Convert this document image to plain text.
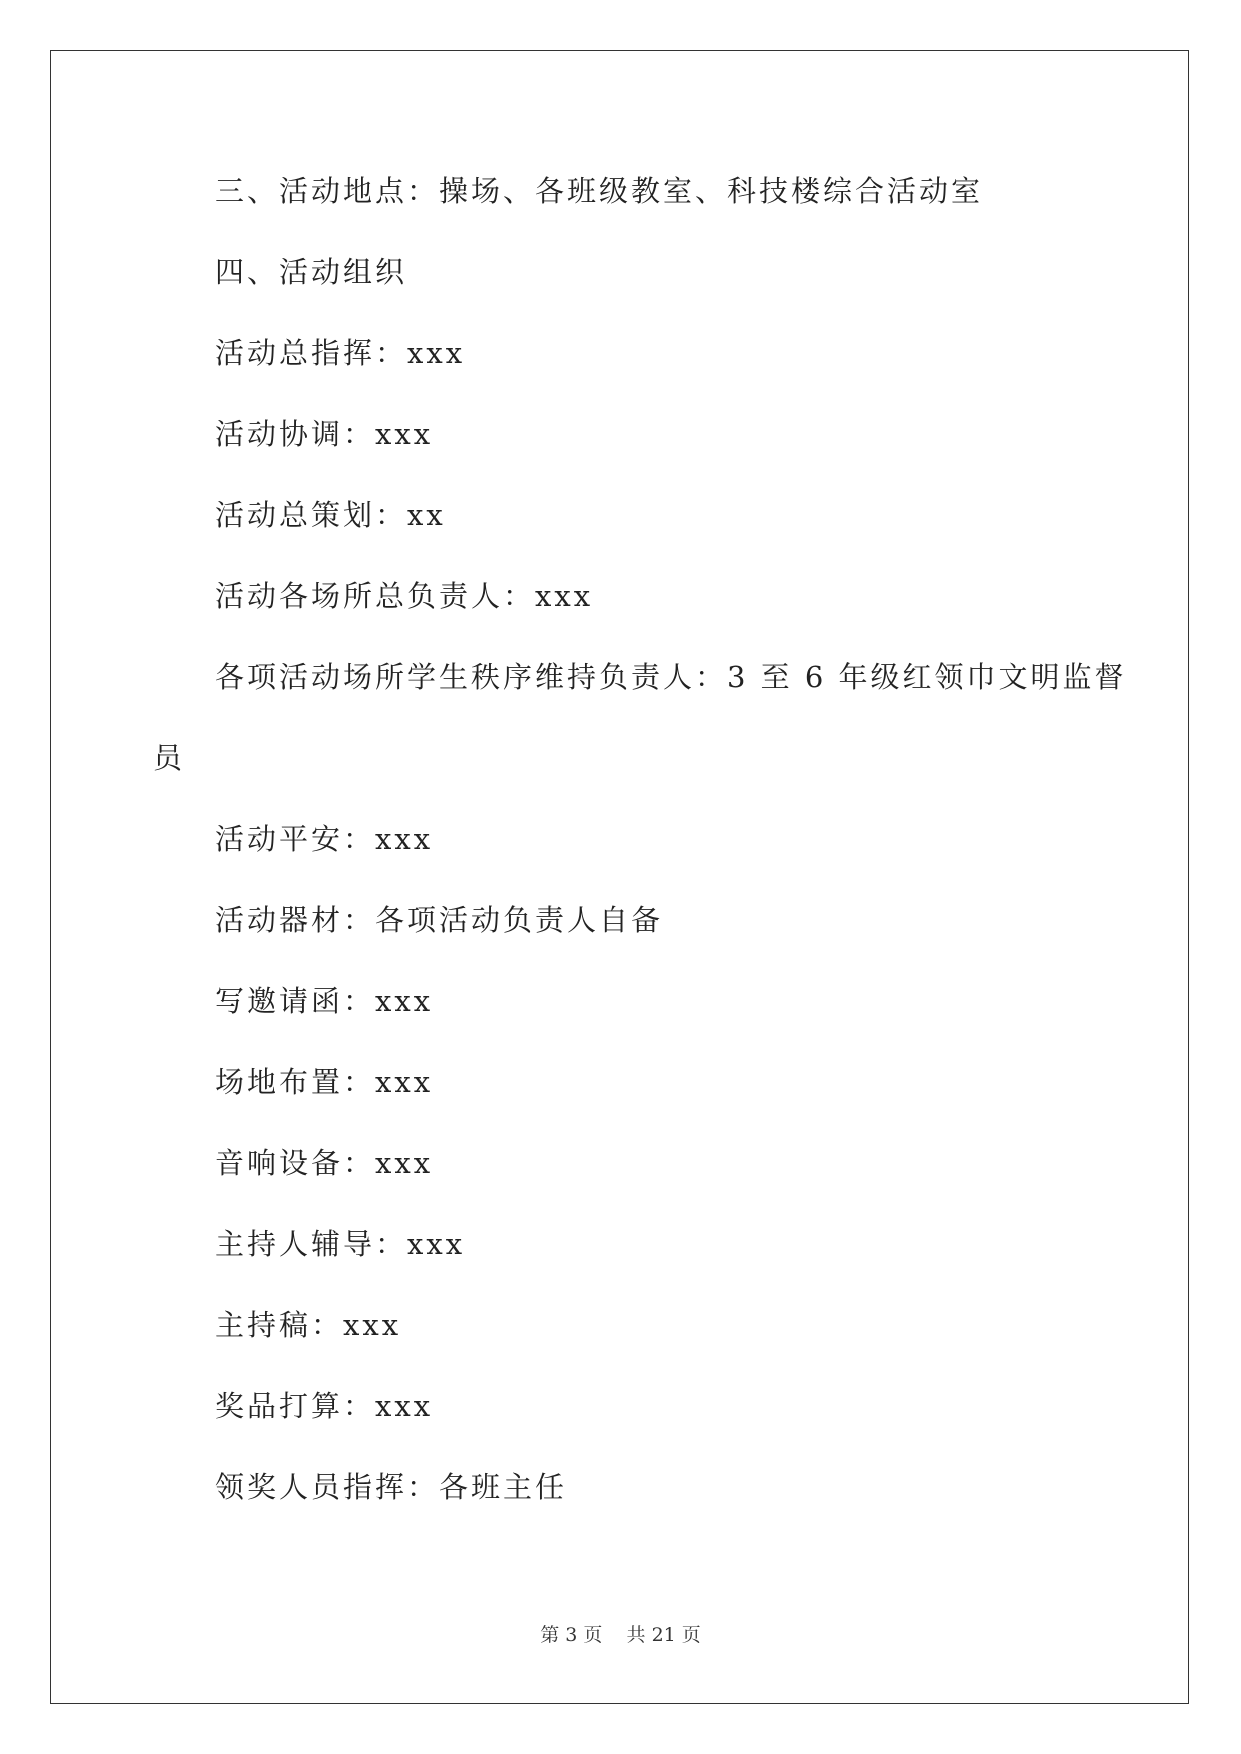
三、活动地点：操场、各班级教室、科技楼综合活动室
四、活动组织
活动总指挥：xxx
活动协调：xxx
活动总策划：xx
活动各场所总负责人：xxx
各项活动场所学生秩序维持负责人：3 至 6 年级红领巾文明监督
员
活动平安：xxx
活动器材：各项活动负责人自备
写邀请函：xxx
场地布置：xxx
音响设备：xxx
主持人辅导：xxx
主持稿：xxx
奖品打算：xxx
领奖人员指挥：各班主任
第 3 页    共 21 页
